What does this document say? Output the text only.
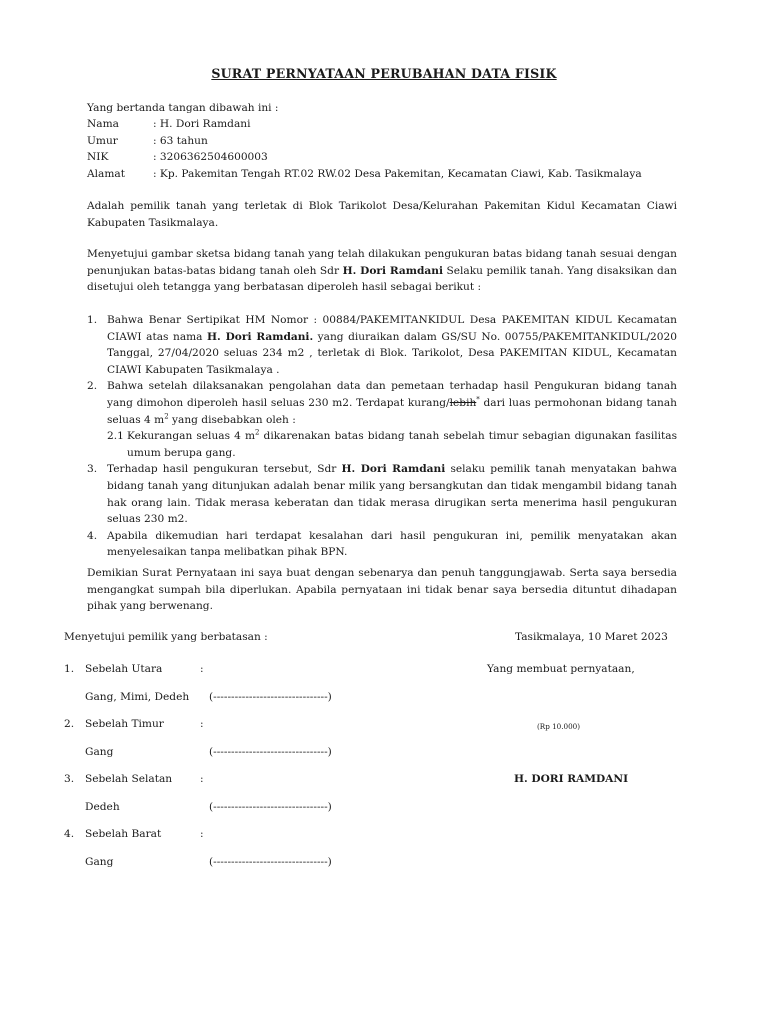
SURAT PERNYATAAN PERUBAHAN DATA FISIK
Yang bertanda tangan dibawah ini :
Nama	: H. Dori Ramdani
Umur	: 63 tahun
NIK	: 3206362504600003
Alamat	: Kp. Pakemitan Tengah RT.02 RW.02 Desa Pakemitan, Kecamatan Ciawi, Kab. Tasikmalaya
Adalah pemilik tanah yang terletak di Blok Tarikolot Desa/Kelurahan Pakemitan Kidul Kecamatan Ciawi Kabupaten Tasikmalaya.
Menyetujui gambar sketsa bidang tanah yang telah dilakukan pengukuran batas bidang tanah sesuai dengan penunjukan batas-batas bidang tanah oleh Sdr H. Dori Ramdani Selaku pemilik tanah. Yang disaksikan dan disetujui oleh tetangga yang berbatasan diperoleh hasil sebagai berikut :
1. Bahwa Benar Sertipikat HM Nomor : 00884/PAKEMITANKIDUL Desa PAKEMITAN KIDUL Kecamatan CIAWI atas nama H. Dori Ramdani. yang diuraikan dalam GS/SU No. 00755/PAKEMITANKIDUL/2020 Tanggal, 27/04/2020 seluas 234 m2 , terletak di Blok. Tarikolot, Desa PAKEMITAN KIDUL, Kecamatan CIAWI Kabupaten Tasikmalaya .
2. Bahwa setelah dilaksanakan pengolahan data dan pemetaan terhadap hasil Pengukuran bidang tanah yang dimohon diperoleh hasil seluas 230 m2. Terdapat kurang/lebih* dari luas permohonan bidang tanah seluas 4 $m^2$ yang disebabkan oleh :
2.1 Kekurangan seluas 4 $m^2$ dikarenakan batas bidang tanah sebelah timur sebagian digunakan fasilitas umum berupa gang.
3. Terhadap hasil pengukuran tersebut, Sdr H. Dori Ramdani selaku pemilik tanah menyatakan bahwa bidang tanah yang ditunjukan adalah benar milik yang bersangkutan dan tidak mengambil bidang tanah hak orang lain. Tidak merasa keberatan dan tidak merasa dirugikan serta menerima hasil pengukuran seluas 230 m2.
4. Apabila dikemudian hari terdapat kesalahan dari hasil pengukuran ini, pemilik menyatakan akan menyelesaikan tanpa melibatkan pihak BPN.
Demikian Surat Pernyataan ini saya buat dengan sebenarya dan penuh tanggungjawab. Serta saya bersedia mengangkat sumpah bila diperlukan. Apabila pernyataan ini tidak benar saya bersedia dituntut dihadapan pihak yang berwenang.
Menyetujui pemilik yang berbatasan :	Tasikmalaya, 10 Maret 2023
1. Sebelah Utara	:
Gang, Mimi, Dedeh (--------------------------------)
2. Sebelah Timur	:
Gang	(--------------------------------)
3. Sebelah Selatan	:
Dedeh	(--------------------------------)
4. Sebelah Barat	:
Gang	(--------------------------------)
Yang membuat pernyataan,
(Rp 10.000)
H. DORI RAMDANI
